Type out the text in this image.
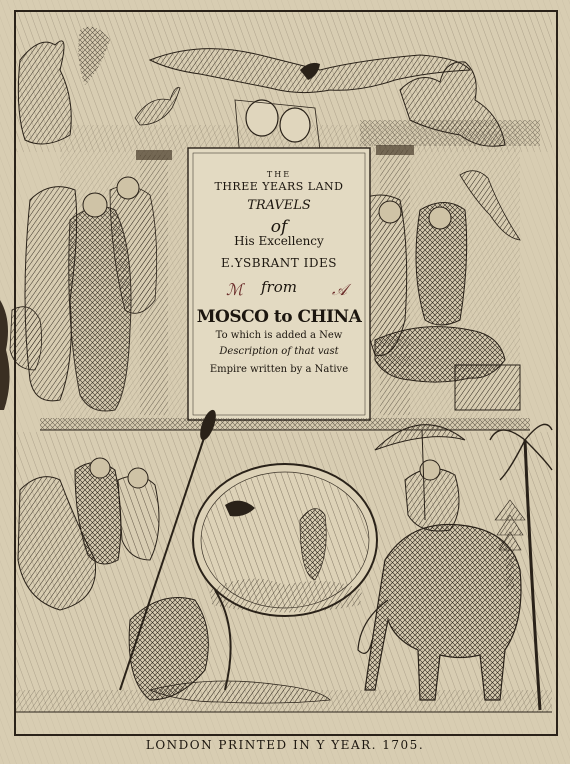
THE
THREE YEARS LAND
TRAVELS
of
His Excellency
E.YSBRANT IDES
from
MOSCO to CHINA
To which is added a New
Description of that vast
Empire written by a Native
ℳ	𝒜
LONDON PRINTED IN Y YEAR. 1705.
